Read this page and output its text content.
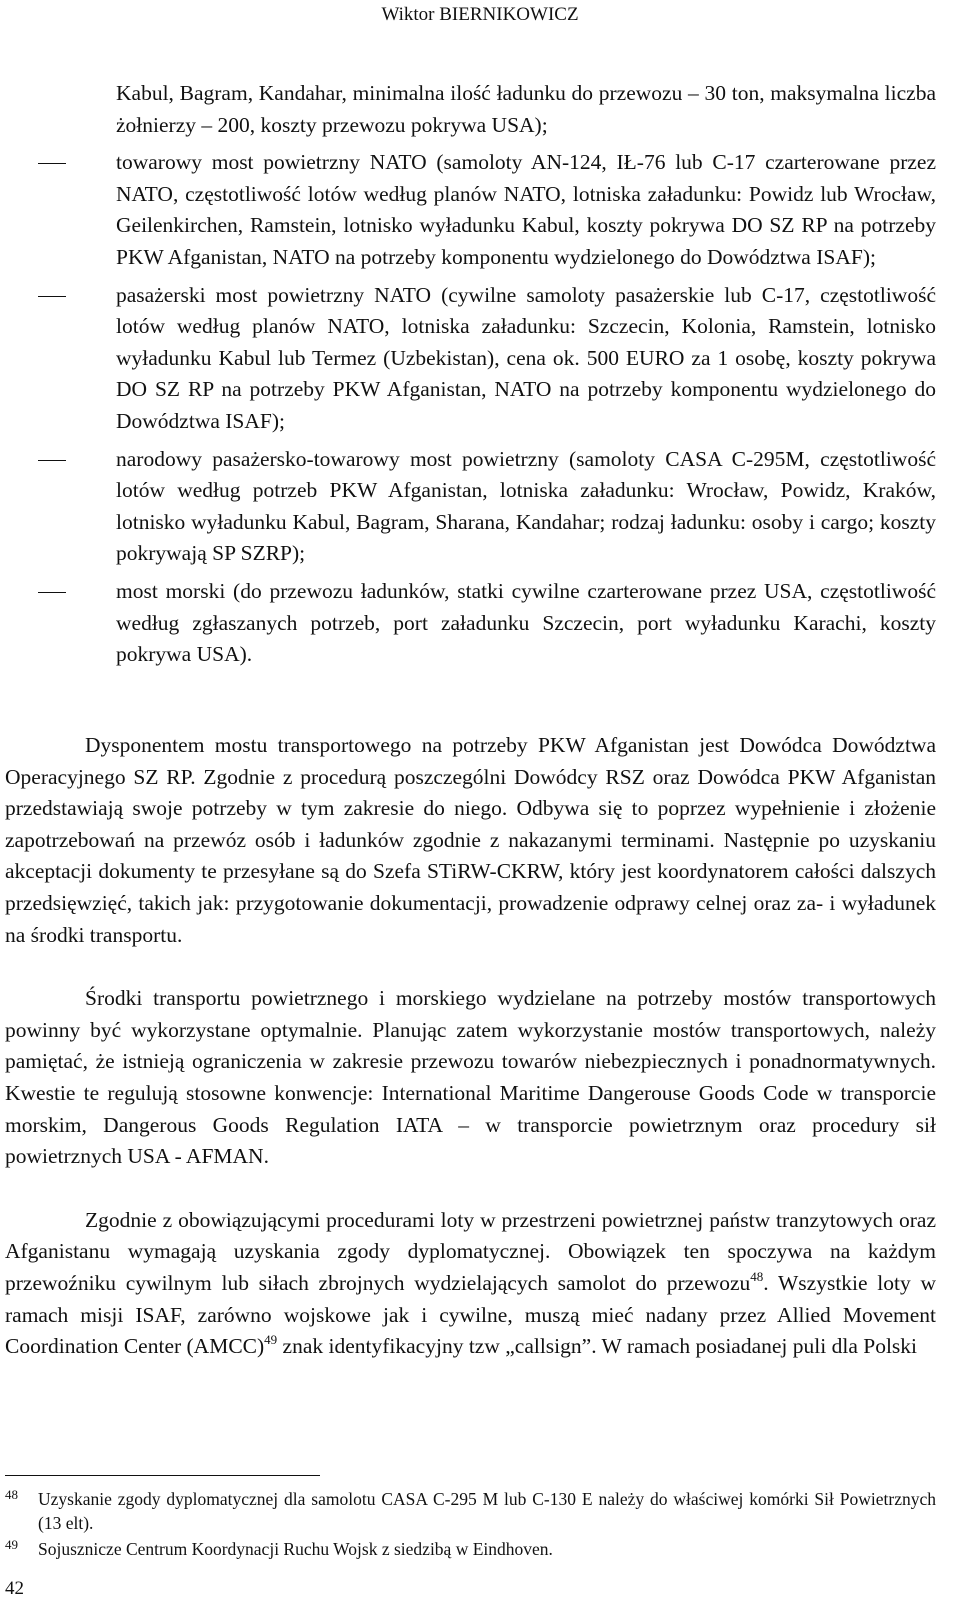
Wiktor BIERNIKOWICZ
Kabul, Bagram, Kandahar, minimalna ilość ładunku do przewozu – 30 ton, maksymalna liczba żołnierzy – 200, koszty przewozu pokrywa USA);
towarowy most powietrzny NATO (samoloty AN-124, IŁ-76 lub C-17 czarterowane przez NATO, częstotliwość lotów według planów NATO, lotniska załadunku: Powidz lub Wrocław, Geilenkirchen, Ramstein, lotnisko wyładunku Kabul, koszty pokrywa DO SZ RP na potrzeby PKW Afganistan, NATO na potrzeby komponentu wydzielonego do Dowództwa ISAF);
pasażerski most powietrzny NATO (cywilne samoloty pasażerskie lub C-17, częstotliwość lotów według planów NATO, lotniska załadunku: Szczecin, Kolonia, Ramstein, lotnisko wyładunku Kabul lub Termez (Uzbekistan), cena ok. 500 EURO za 1 osobę, koszty pokrywa DO SZ RP na potrzeby PKW Afganistan, NATO na potrzeby komponentu wydzielonego do Dowództwa ISAF);
narodowy pasażersko-towarowy most powietrzny (samoloty CASA C-295M, częstotliwość lotów według potrzeb PKW Afganistan, lotniska załadunku: Wrocław, Powidz, Kraków, lotnisko wyładunku Kabul, Bagram, Sharana, Kandahar; rodzaj ładunku: osoby i cargo; koszty pokrywają SP SZRP);
most morski (do przewozu ładunków, statki cywilne czarterowane przez USA, częstotliwość według zgłaszanych potrzeb, port załadunku Szczecin, port wyładunku Karachi, koszty pokrywa USA).

Dysponentem mostu transportowego na potrzeby PKW Afganistan jest Dowódca Dowództwa Operacyjnego SZ RP. Zgodnie z procedurą poszczególni Dowódcy RSZ oraz Dowódca PKW Afganistan przedstawiają swoje potrzeby w tym zakresie do niego. Odbywa się to poprzez wypełnienie i złożenie zapotrzebowań na przewóz osób i ładunków zgodnie z nakazanymi terminami. Następnie po uzyskaniu akceptacji dokumenty te przesyłane są do Szefa STiRW-CKRW, który jest koordynatorem całości dalszych przedsięwzięć, takich jak: przygotowanie dokumentacji, prowadzenie odprawy celnej oraz za- i wyładunek na środki transportu.

Środki transportu powietrznego i morskiego wydzielane na potrzeby mostów transportowych powinny być wykorzystane optymalnie. Planując zatem wykorzystanie mostów transportowych, należy pamiętać, że istnieją ograniczenia w zakresie przewozu towarów niebezpiecznych i ponadnormatywnych. Kwestie te regulują stosowne konwencje: International Maritime Dangerouse Goods Code w transporcie morskim, Dangerous Goods Regulation IATA – w transporcie powietrznym oraz procedury sił powietrznych USA - AFMAN.

Zgodnie z obowiązującymi procedurami loty w przestrzeni powietrznej państw tranzytowych oraz Afganistanu wymagają uzyskania zgody dyplomatycznej. Obowiązek ten spoczywa na każdym przewoźniku cywilnym lub siłach zbrojnych wydzielających samolot do przewozu$^{48}$. Wszystkie loty w ramach misji ISAF, zarówno wojskowe jak i cywilne, muszą mieć nadany przez Allied Movement Coordination Center (AMCC)$^{49}$ znak identyfikacyjny tzw „callsign”. W ramach posiadanej puli dla Polski

48 Uzyskanie zgody dyplomatycznej dla samolotu CASA C-295 M lub C-130 E należy do właściwej komórki Sił Powietrznych (13 elt).
49 Sojusznicze Centrum Koordynacji Ruchu Wojsk z siedzibą w Eindhoven.
42
